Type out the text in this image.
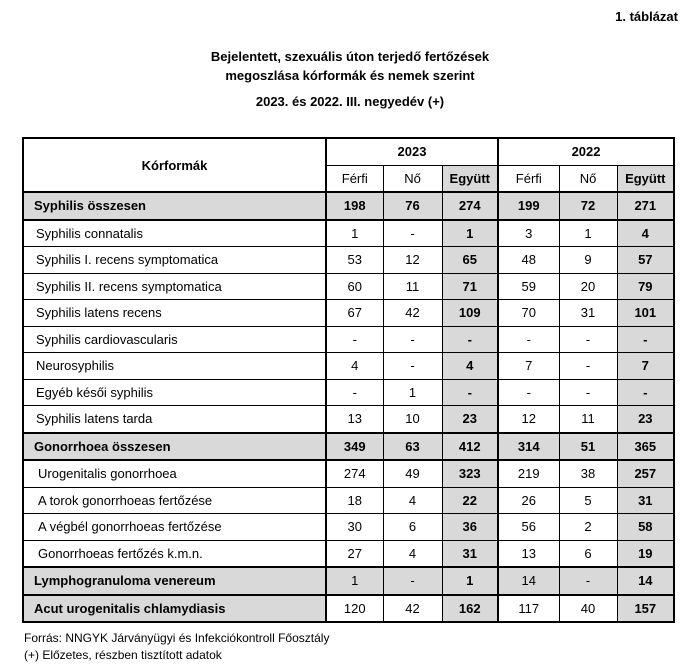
1. táblázat
Bejelentett, szexuális úton terjedő fertőzések
megoszlása kórformák és nemek szerint
2023. és 2022. III. negyedév (+)
Kórformák	2023			2022		
	Férfi	Nő	Együtt	Férfi	Nő	Együtt
Syphilis összesen	198	76	274	199	72	271
Syphilis connatalis	1	-	1	3	1	4
Syphilis I. recens symptomatica	53	12	65	48	9	57
Syphilis II. recens symptomatica	60	11	71	59	20	79
Syphilis latens recens	67	42	109	70	31	101
Syphilis cardiovascularis	-	-	-	-	-	-
Neurosyphilis	4	-	4	7	-	7
Egyéb késői syphilis	-	1	-	-	-	-
Syphilis latens tarda	13	10	23	12	11	23
Gonorrhoea összesen	349	63	412	314	51	365
Urogenitalis gonorrhoea	274	49	323	219	38	257
A torok gonorrhoeas fertőzése	18	4	22	26	5	31
A végbél gonorrhoeas fertőzése	30	6	36	56	2	58
Gonorrhoeas fertőzés k.m.n.	27	4	31	13	6	19
Lymphogranuloma venereum	1	-	1	14	-	14
Acut urogenitalis chlamydiasis	120	42	162	117	40	157
Forrás: NNGYK Járványügyi és Infekciókontroll Főosztály
(+) Előzetes, részben tisztított adatok
